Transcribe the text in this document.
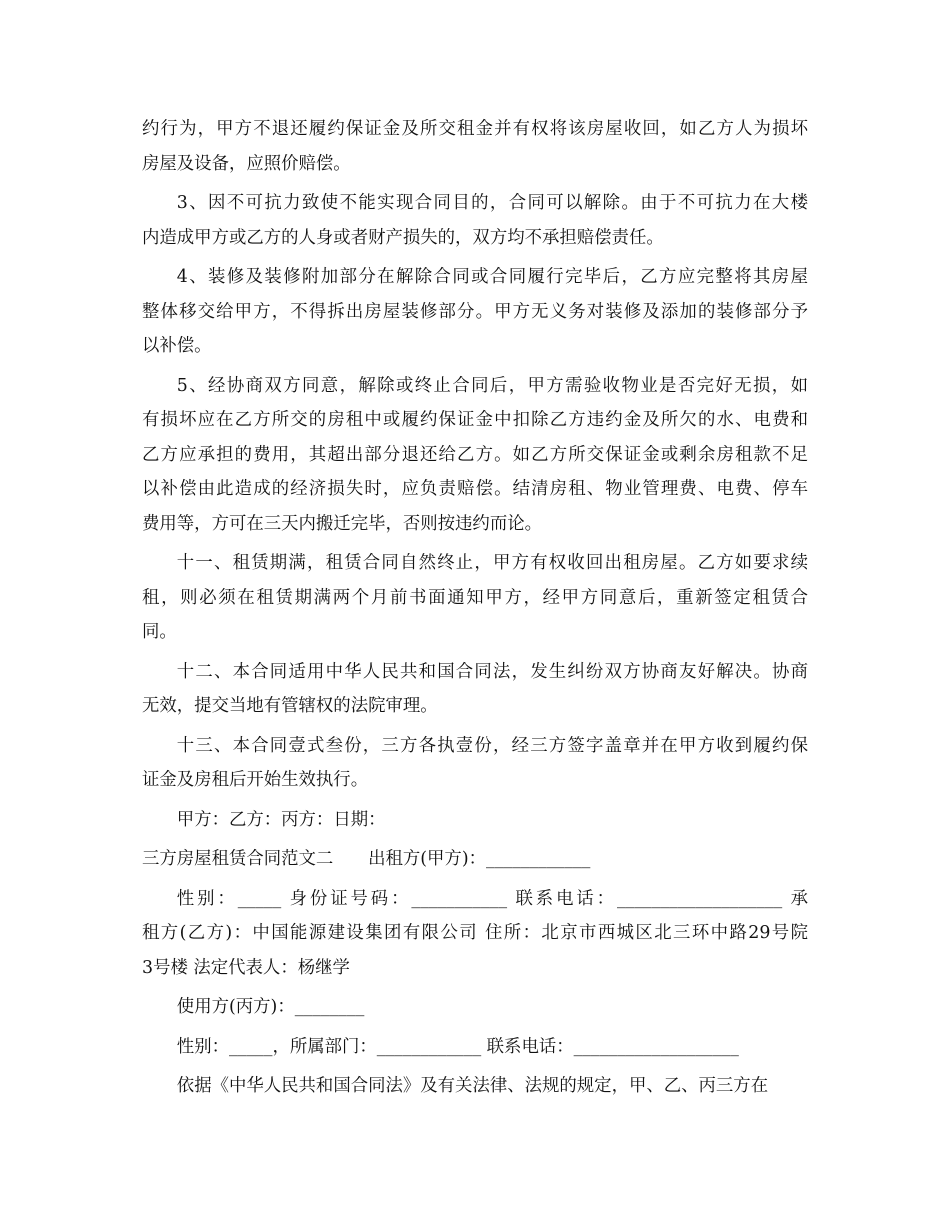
约行为，甲方不退还履约保证金及所交租金并有权将该房屋收回，如乙方人为损坏
房屋及设备，应照价赔偿。
3、因不可抗力致使不能实现合同目的，合同可以解除。由于不可抗力在大楼
内造成甲方或乙方的人身或者财产损失的，双方均不承担赔偿责任。
4、装修及装修附加部分在解除合同或合同履行完毕后，乙方应完整将其房屋
整体移交给甲方，不得拆出房屋装修部分。甲方无义务对装修及添加的装修部分予
以补偿。
5、经协商双方同意，解除或终止合同后，甲方需验收物业是否完好无损，如
有损坏应在乙方所交的房租中或履约保证金中扣除乙方违约金及所欠的水、电费和
乙方应承担的费用，其超出部分退还给乙方。如乙方所交保证金或剩余房租款不足
以补偿由此造成的经济损失时，应负责赔偿。结清房租、物业管理费、电费、停车
费用等，方可在三天内搬迁完毕，否则按违约而论。
十一、租赁期满，租赁合同自然终止，甲方有权收回出租房屋。乙方如要求续
租，则必须在租赁期满两个月前书面通知甲方，经甲方同意后，重新签定租赁合
同。
十二、本合同适用中华人民共和国合同法，发生纠纷双方协商友好解决。协商
无效，提交当地有管辖权的法院审理。
十三、本合同壹式叁份，三方各执壹份，经三方签字盖章并在甲方收到履约保
证金及房租后开始生效执行。
甲方：乙方：丙方：日期：
三方房屋租赁合同范文二　　出租方(甲方)：____________
性别：_____ 身份证号码：___________ 联系电话：___________________ 承
租方(乙方)：中国能源建设集团有限公司 住所：北京市西城区北三环中路29号院
3号楼 法定代表人：杨继学
使用方(丙方)：________
性别：_____，所属部门：____________ 联系电话：___________________
依据《中华人民共和国合同法》及有关法律、法规的规定，甲、乙、丙三方在
